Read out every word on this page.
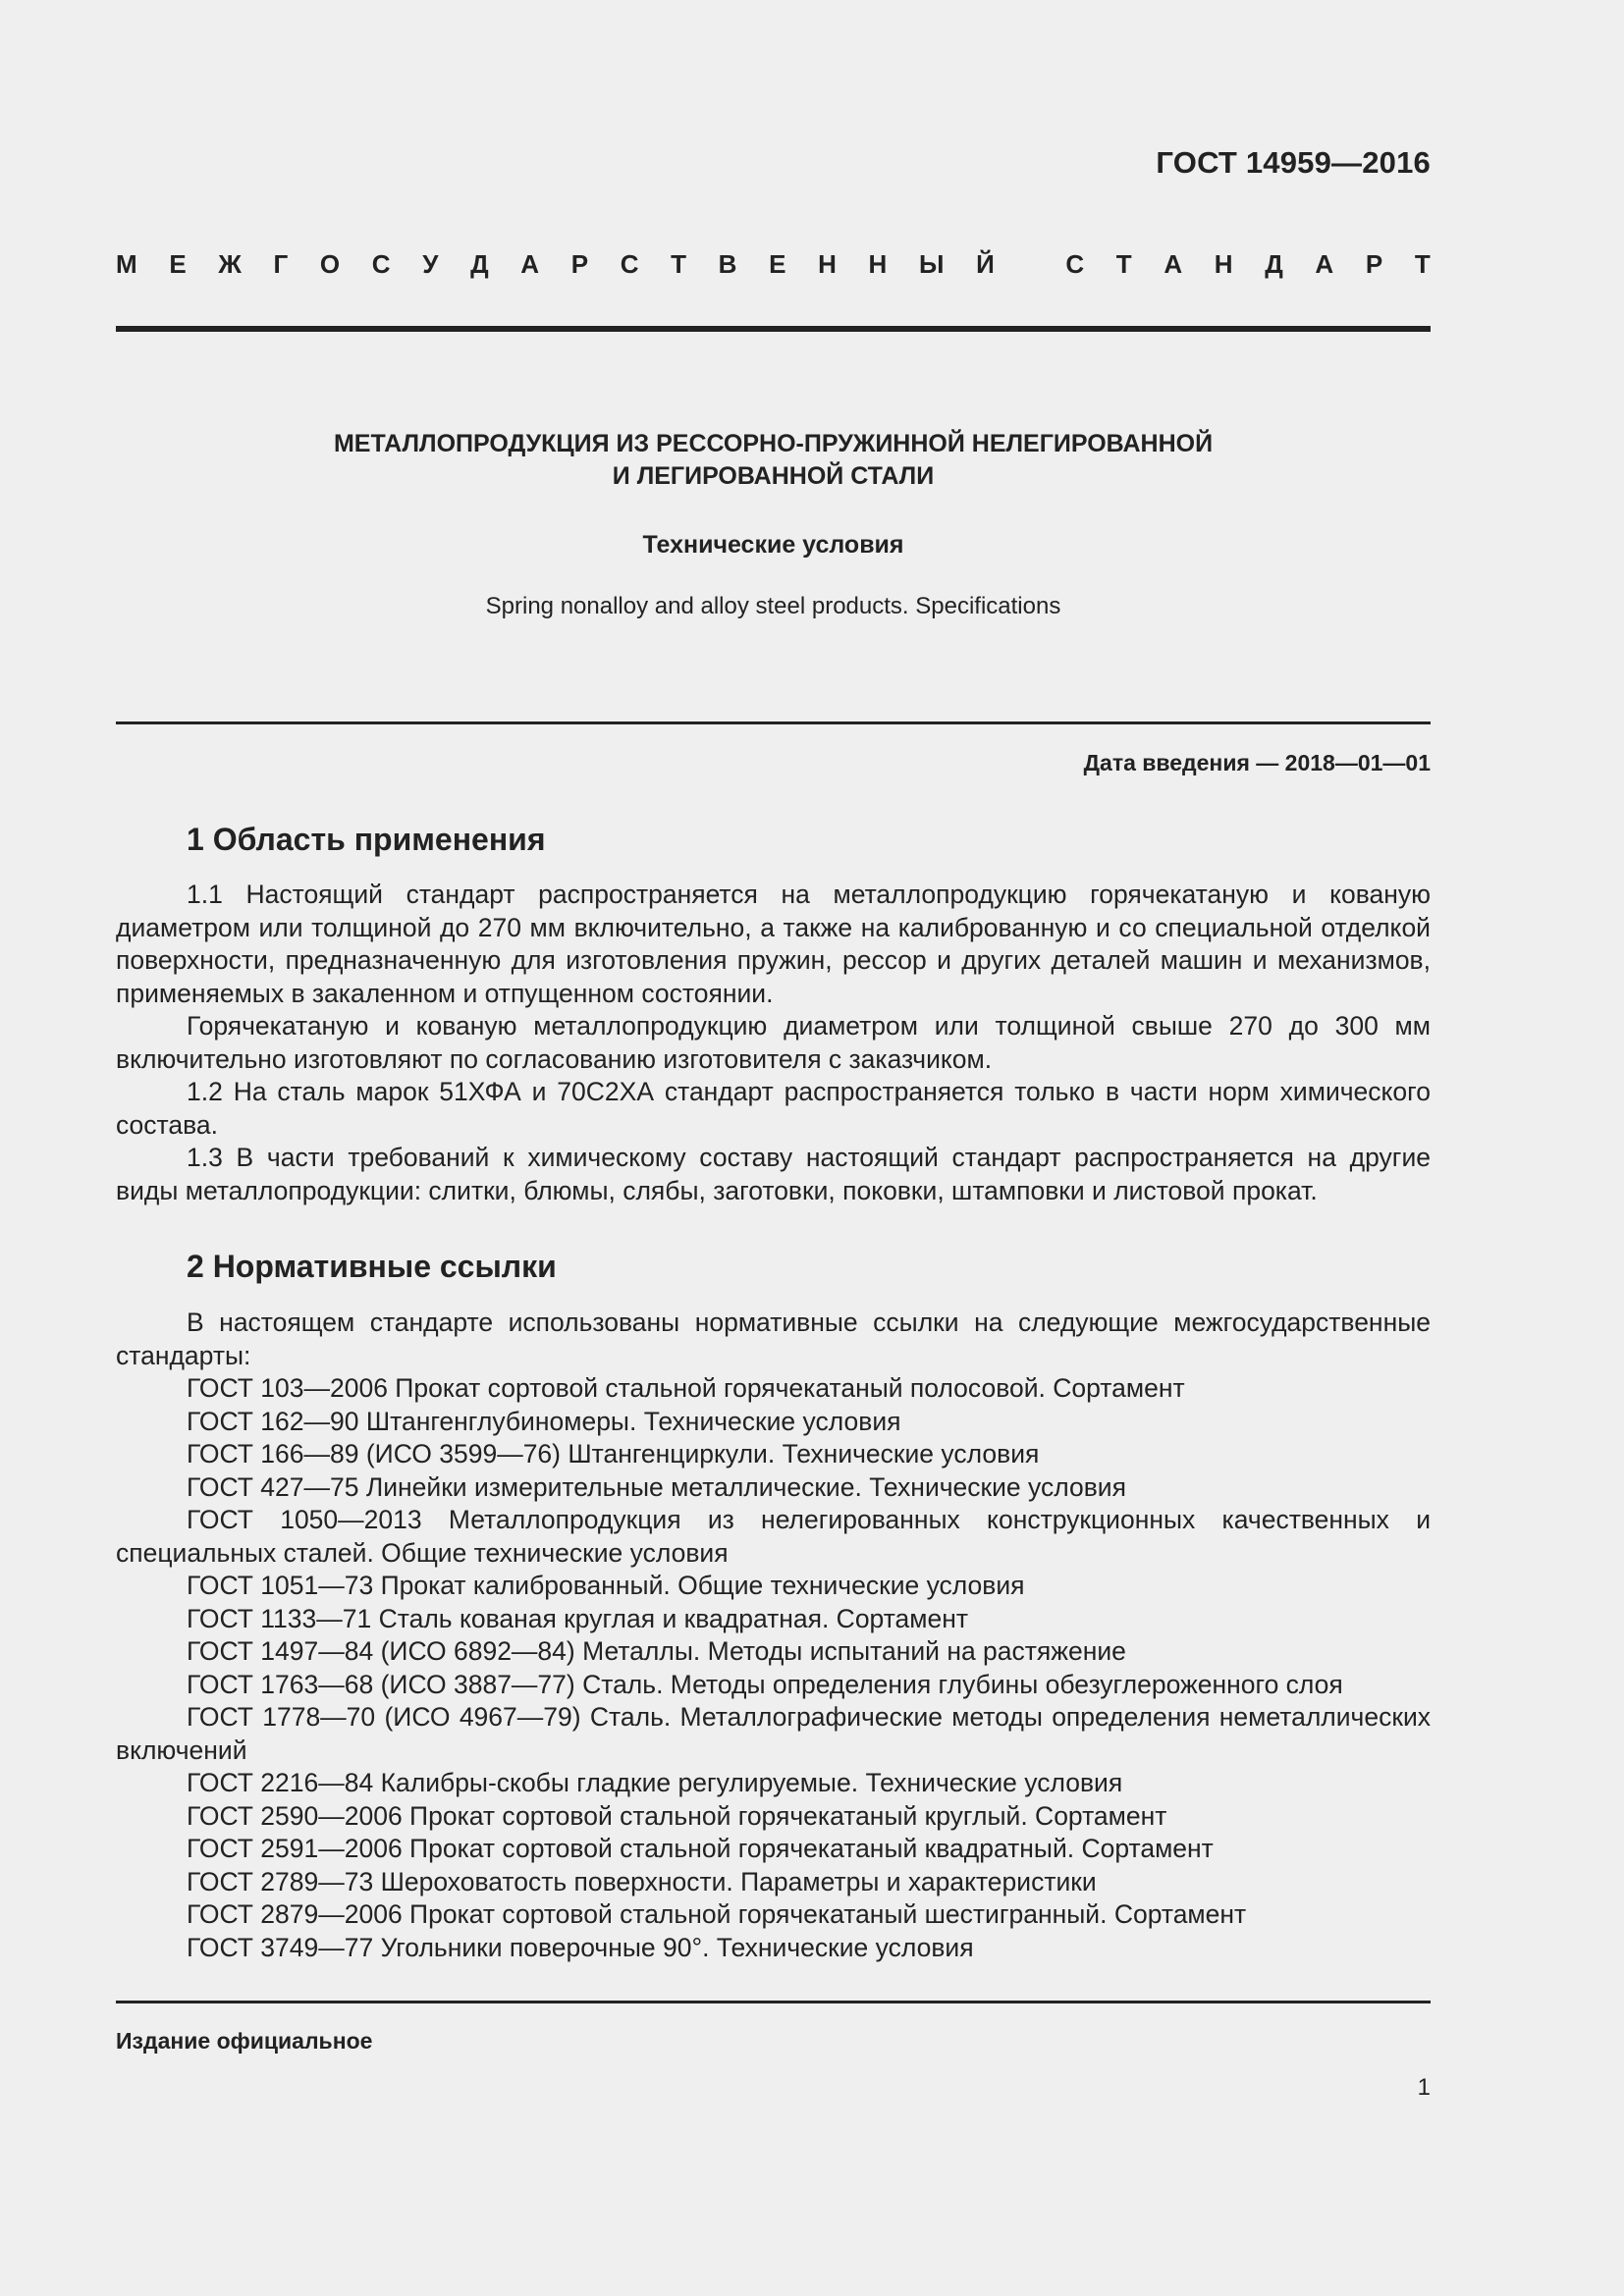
ГОСТ 14959—2016
М Е Ж Г О С У Д А Р С Т В Е Н Н Ы Й
	С Т А Н Д А Р Т
МЕТАЛЛОПРОДУКЦИЯ ИЗ РЕССОРНО-ПРУЖИННОЙ НЕЛЕГИРОВАННОЙ
И ЛЕГИРОВАННОЙ СТАЛИ
Технические условия
Spring nonalloy and alloy steel products. Specifications
Дата введения — 2018—01—01
1 Область применения

1.1 Настоящий стандарт распространяется на металлопродукцию горячекатаную и кованую диаметром или толщиной до 270 мм включительно, а также на калиброванную и со специальной отделкой поверхности, предназначенную для изготовления пружин, рессор и других деталей машин и механизмов, применяемых в закаленном и отпущенном состоянии.

Горячекатаную и кованую металлопродукцию диаметром или толщиной свыше 270 до 300 мм включительно изготовляют по согласованию изготовителя с заказчиком.

1.2 На сталь марок 51ХФА и 70С2ХА стандарт распространяется только в части норм химического состава.

1.3 В части требований к химическому составу настоящий стандарт распространяется на другие виды металлопродукции: слитки, блюмы, слябы, заготовки, поковки, штамповки и листовой прокат.

2 Нормативные ссылки

В настоящем стандарте использованы нормативные ссылки на следующие межгосударственные стандарты:

ГОСТ 103—2006 Прокат сортовой стальной горячекатаный полосовой. Сортамент

ГОСТ 162—90 Штангенглубиномеры. Технические условия

ГОСТ 166—89 (ИСО 3599—76) Штангенциркули. Технические условия

ГОСТ 427—75 Линейки измерительные металлические. Технические условия

ГОСТ 1050—2013 Металлопродукция из нелегированных конструкционных качественных и специальных сталей. Общие технические условия

ГОСТ 1051—73 Прокат калиброванный. Общие технические условия

ГОСТ 1133—71 Сталь кованая круглая и квадратная. Сортамент

ГОСТ 1497—84 (ИСО 6892—84) Металлы. Методы испытаний на растяжение

ГОСТ 1763—68 (ИСО 3887—77) Сталь. Методы определения глубины обезуглероженного слоя

ГОСТ 1778—70 (ИСО 4967—79) Сталь. Металлографические методы определения неметаллических включений

ГОСТ 2216—84 Калибры-скобы гладкие регулируемые. Технические условия

ГОСТ 2590—2006 Прокат сортовой стальной горячекатаный круглый. Сортамент

ГОСТ 2591—2006 Прокат сортовой стальной горячекатаный квадратный. Сортамент

ГОСТ 2789—73 Шероховатость поверхности. Параметры и характеристики

ГОСТ 2879—2006 Прокат сортовой стальной горячекатаный шестигранный. Сортамент

ГОСТ 3749—77 Угольники поверочные 90°. Технические условия

Издание официальное
1
